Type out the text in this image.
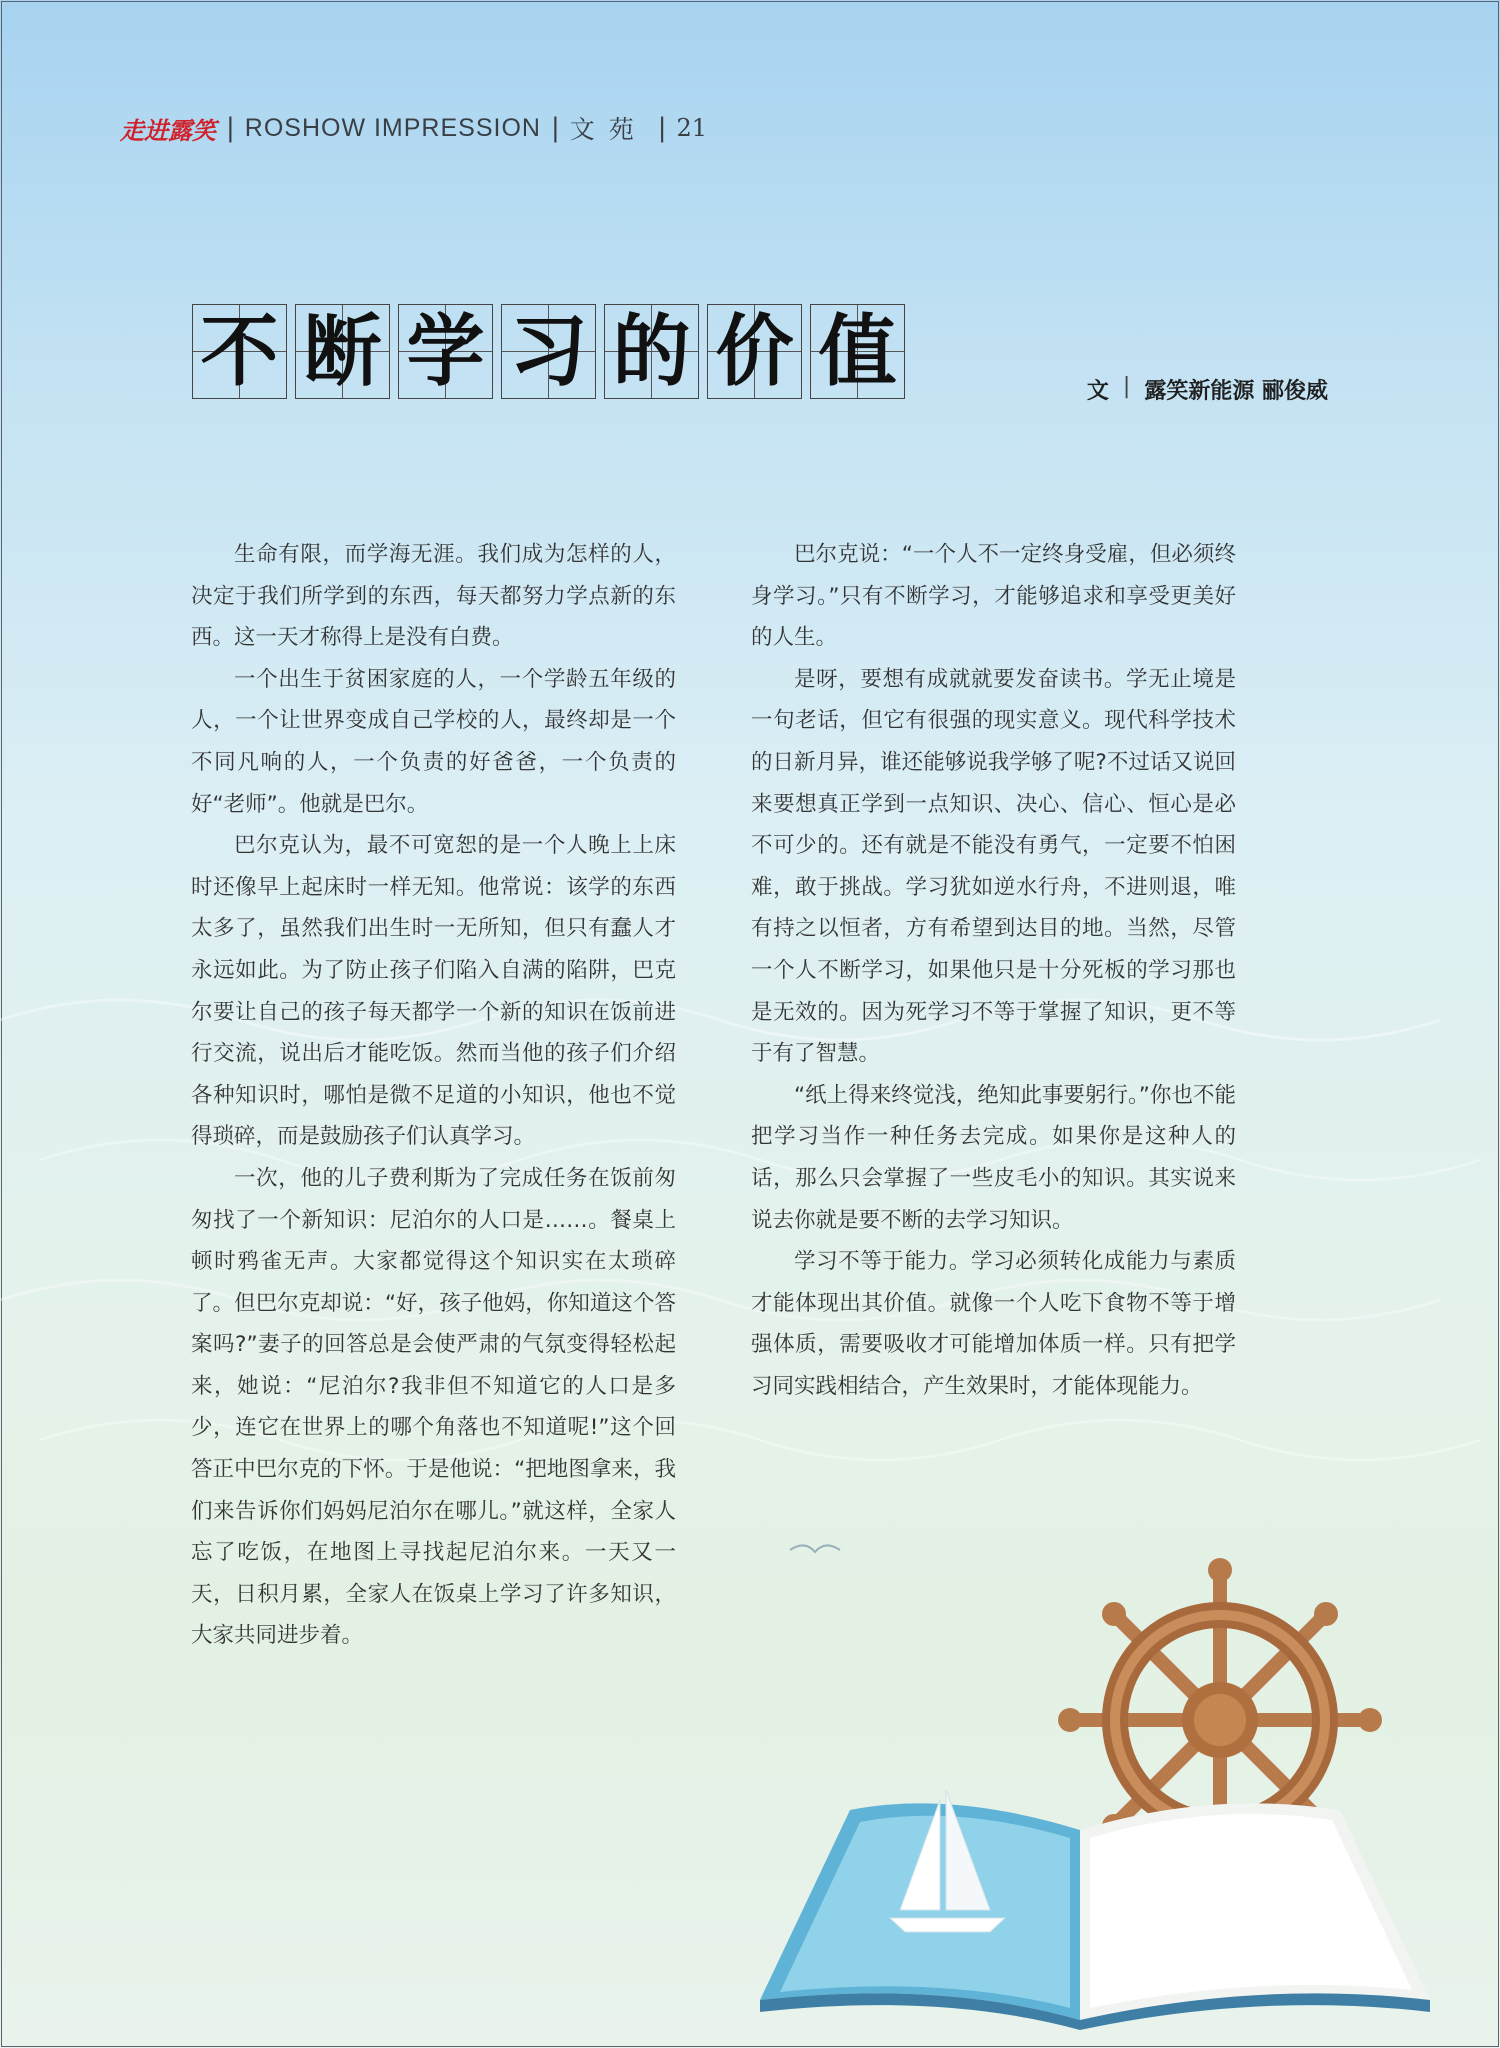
走进露笑 | ROSHOW IMPRESSION | 文苑 | 21
不 断 学 习 的 价 值	文 | 露笑新能源 郦俊威

生命有限，而学海无涯。我们成为怎样的人，决定于我们所学到的东西，每天都努力学点新的东西。这一天才称得上是没有白费。

一个出生于贫困家庭的人，一个学龄五年级的人，一个让世界变成自己学校的人，最终却是一个不同凡响的人，一个负责的好爸爸，一个负责的好“老师”。他就是巴尔。

巴尔克认为，最不可宽恕的是一个人晚上上床时还像早上起床时一样无知。他常说：该学的东西太多了，虽然我们出生时一无所知，但只有蠢人才永远如此。为了防止孩子们陷入自满的陷阱，巴克尔要让自己的孩子每天都学一个新的知识在饭前进行交流，说出后才能吃饭。然而当他的孩子们介绍各种知识时，哪怕是微不足道的小知识，他也不觉得琐碎，而是鼓励孩子们认真学习。

一次，他的儿子费利斯为了完成任务在饭前匆匆找了一个新知识：尼泊尔的人口是……。餐桌上顿时鸦雀无声。大家都觉得这个知识实在太琐碎了。但巴尔克却说：“好，孩子他妈，你知道这个答案吗?”妻子的回答总是会使严肃的气氛变得轻松起来，她说：“尼泊尔?我非但不知道它的人口是多少，连它在世界上的哪个角落也不知道呢!”这个回答正中巴尔克的下怀。于是他说：“把地图拿来，我们来告诉你们妈妈尼泊尔在哪儿。”就这样，全家人忘了吃饭，在地图上寻找起尼泊尔来。一天又一天，日积月累，全家人在饭桌上学习了许多知识，大家共同进步着。

巴尔克说：“一个人不一定终身受雇，但必须终身学习。”只有不断学习，才能够追求和享受更美好的人生。

是呀，要想有成就就要发奋读书。学无止境是一句老话，但它有很强的现实意义。现代科学技术的日新月异，谁还能够说我学够了呢?不过话又说回来要想真正学到一点知识、决心、信心、恒心是必不可少的。还有就是不能没有勇气，一定要不怕困难，敢于挑战。学习犹如逆水行舟，不进则退，唯有持之以恒者，方有希望到达目的地。当然，尽管一个人不断学习，如果他只是十分死板的学习那也是无效的。因为死学习不等于掌握了知识，更不等于有了智慧。

“纸上得来终觉浅，绝知此事要躬行。”你也不能把学习当作一种任务去完成。如果你是这种人的话，那么只会掌握了一些皮毛小的知识。其实说来说去你就是要不断的去学习知识。

学习不等于能力。学习必须转化成能力与素质才能体现出其价值。就像一个人吃下食物不等于增强体质，需要吸收才可能增加体质一样。只有把学习同实践相结合，产生效果时，才能体现能力。
